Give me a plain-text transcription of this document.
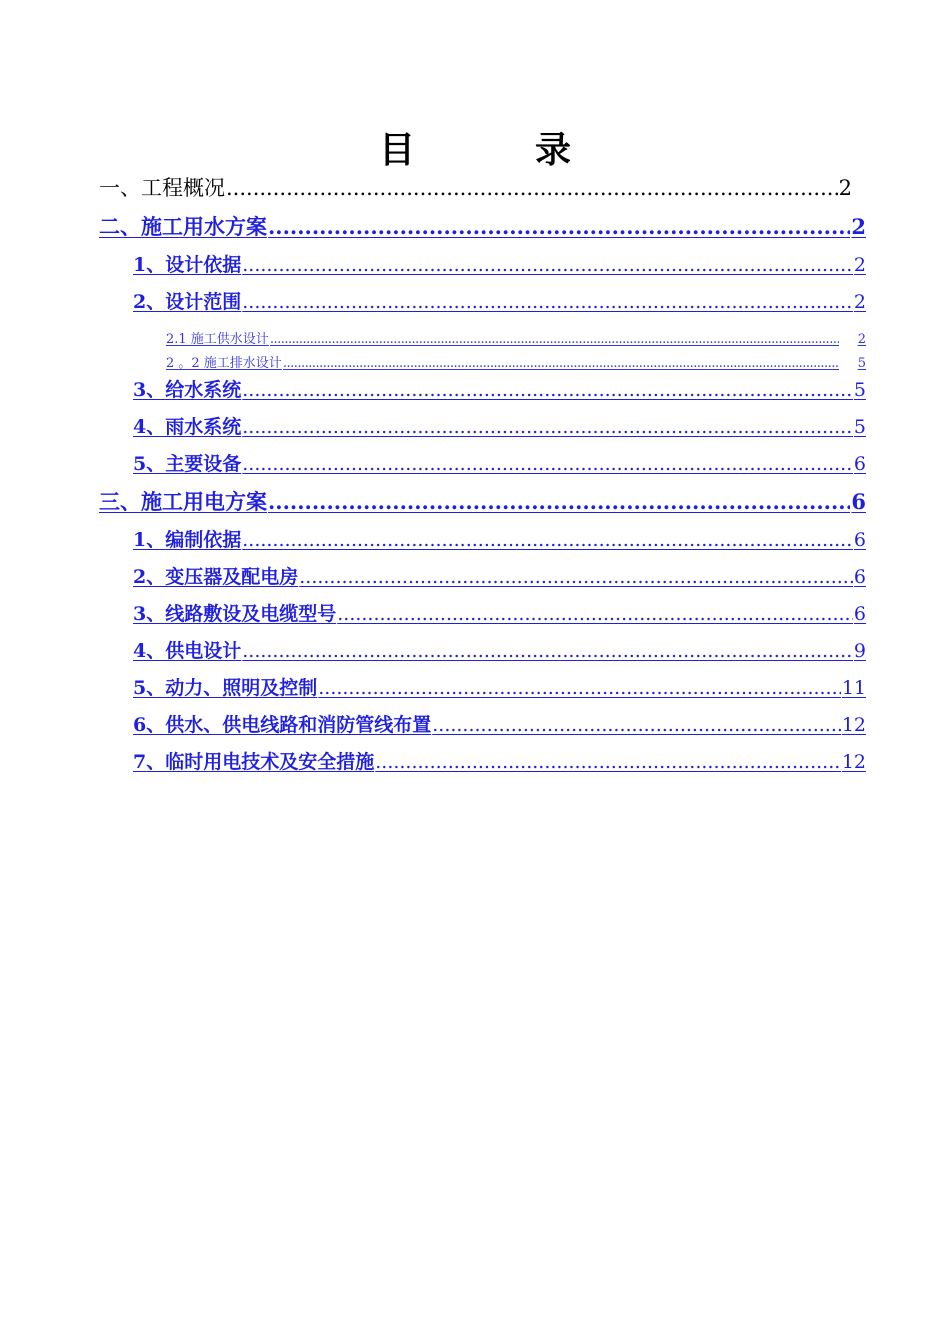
目　录
一、工程概况 .....	2
二、施工用水方案 .....	2
1、设计依据 .....	2
2、设计范围 .....	2
2.1 施工供水设计 .....	2
2 。2 施工排水设计 .....	5
3、给水系统 .....	5
4、雨水系统 .....	5
5、主要设备 .....	6
三、施工用电方案 .....	6
1、编制依据 .....	6
2、变压器及配电房 .....	6
3、线路敷设及电缆型号 .....	6
4、供电设计 .....	9
5、动力、照明及控制 .....	11
6、供水、供电线路和消防管线布置 .....	12
7、临时用电技术及安全措施 .....	12
